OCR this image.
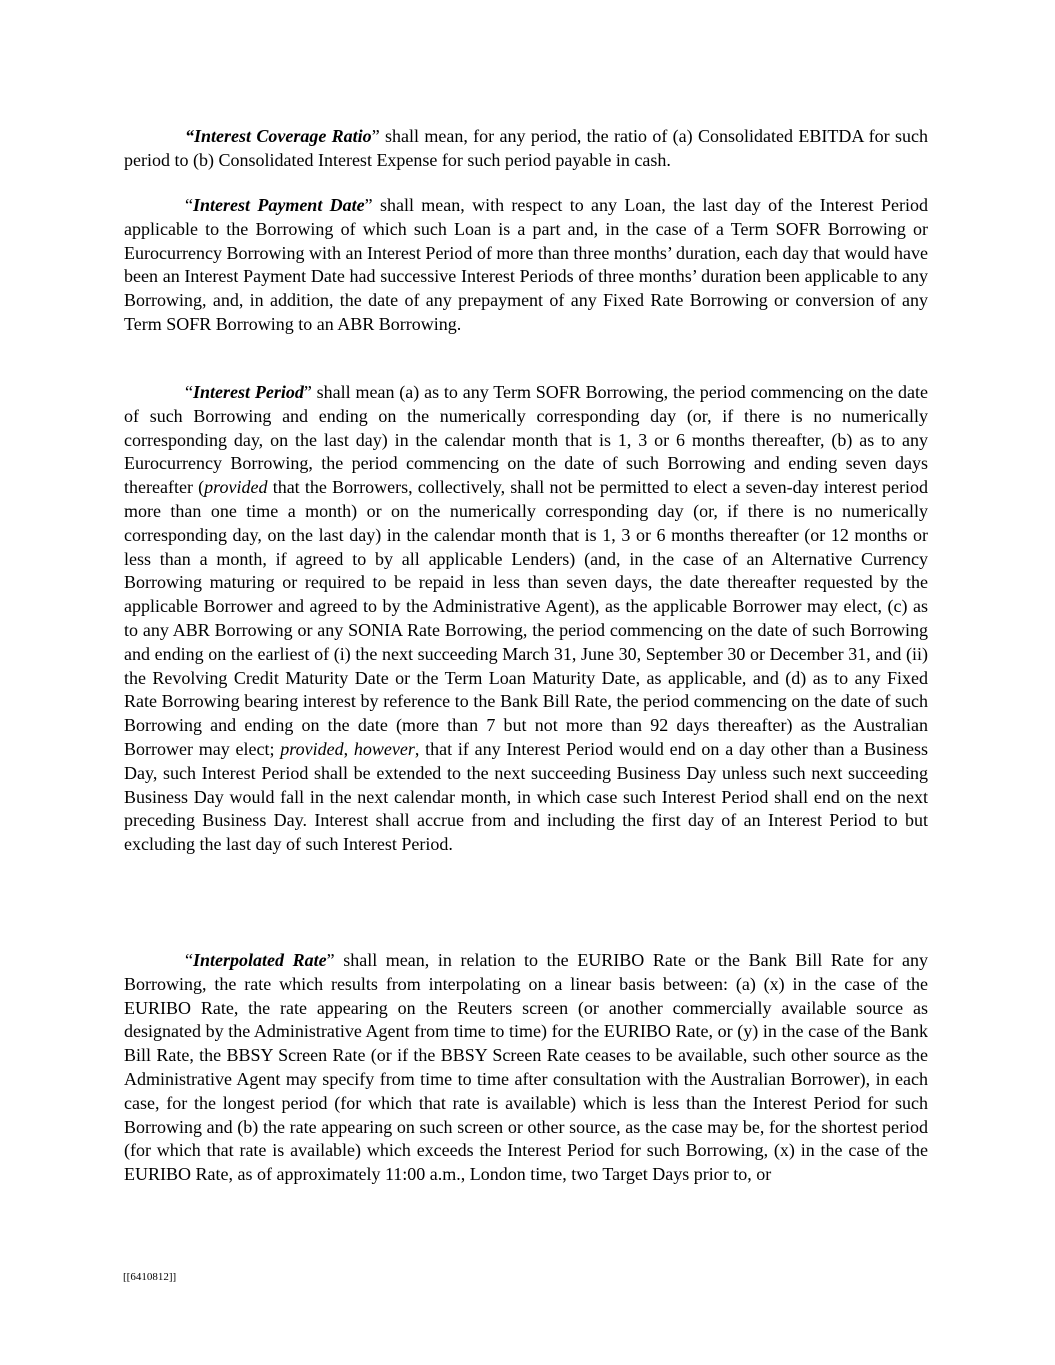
“Interest Coverage Ratio” shall mean, for any period, the ratio of (a) Consolidated EBITDA for such period to (b) Consolidated Interest Expense for such period payable in cash.

“Interest Payment Date” shall mean, with respect to any Loan, the last day of the Interest Period applicable to the Borrowing of which such Loan is a part and, in the case of a Term SOFR Borrowing or Eurocurrency Borrowing with an Interest Period of more than three months’ duration, each day that would have been an Interest Payment Date had successive Interest Periods of three months’ duration been applicable to any Borrowing, and, in addition, the date of any prepayment of any Fixed Rate Borrowing or conversion of any Term SOFR Borrowing to an ABR Borrowing.

“Interest Period” shall mean (a) as to any Term SOFR Borrowing, the period commencing on the date of such Borrowing and ending on the numerically corresponding day (or, if there is no numerically corresponding day, on the last day) in the calendar month that is 1, 3 or 6 months thereafter, (b) as to any Eurocurrency Borrowing, the period commencing on the date of such Borrowing and ending seven days thereafter (provided that the Borrowers, collectively, shall not be permitted to elect a seven-day interest period more than one time a month) or on the numerically corresponding day (or, if there is no numerically corresponding day, on the last day) in the calendar month that is 1, 3 or 6 months thereafter (or 12 months or less than a month, if agreed to by all applicable Lenders) (and, in the case of an Alternative Currency Borrowing maturing or required to be repaid in less than seven days, the date thereafter requested by the applicable Borrower and agreed to by the Administrative Agent), as the applicable Borrower may elect, (c) as to any ABR Borrowing or any SONIA Rate Borrowing, the period commencing on the date of such Borrowing and ending on the earliest of (i) the next succeeding March 31, June 30, September 30 or December 31, and (ii) the Revolving Credit Maturity Date or the Term Loan Maturity Date, as applicable, and (d) as to any Fixed Rate Borrowing bearing interest by reference to the Bank Bill Rate, the period commencing on the date of such Borrowing and ending on the date (more than 7 but not more than 92 days thereafter) as the Australian Borrower may elect; provided, however, that if any Interest Period would end on a day other than a Business Day, such Interest Period shall be extended to the next succeeding Business Day unless such next succeeding Business Day would fall in the next calendar month, in which case such Interest Period shall end on the next preceding Business Day. Interest shall accrue from and including the first day of an Interest Period to but excluding the last day of such Interest Period.

“Interpolated Rate” shall mean, in relation to the EURIBO Rate or the Bank Bill Rate for any Borrowing, the rate which results from interpolating on a linear basis between: (a) (x) in the case of the EURIBO Rate, the rate appearing on the Reuters screen (or another commercially available source as designated by the Administrative Agent from time to time) for the EURIBO Rate, or (y) in the case of the Bank Bill Rate, the BBSY Screen Rate (or if the BBSY Screen Rate ceases to be available, such other source as the Administrative Agent may specify from time to time after consultation with the Australian Borrower), in each case, for the longest period (for which that rate is available) which is less than the Interest Period for such Borrowing and (b) the rate appearing on such screen or other source, as the case may be, for the shortest period (for which that rate is available) which exceeds the Interest Period for such Borrowing, (x) in the case of the EURIBO Rate, as of approximately 11:00 a.m., London time, two Target Days prior to, or

[[6410812]]
